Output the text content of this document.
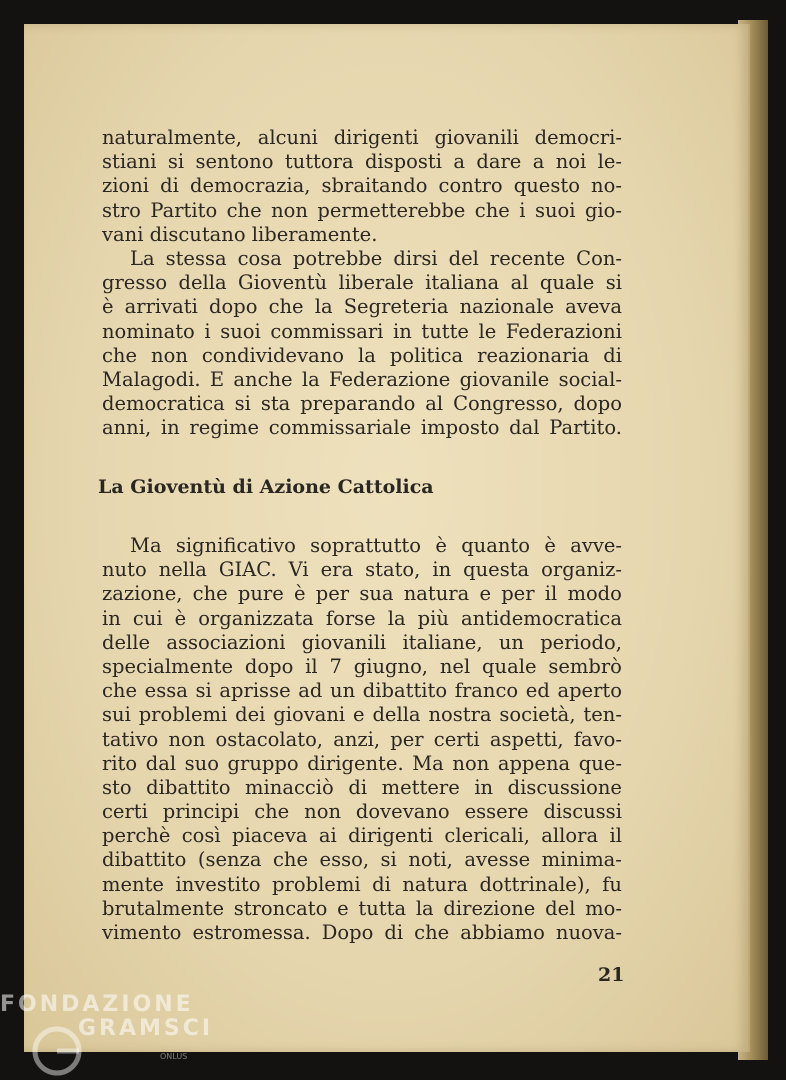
naturalmente, alcuni dirigenti giovanili democri-
stiani si sentono tuttora disposti a dare a noi le-
zioni di democrazia, sbraitando contro questo no-
stro Partito che non permetterebbe che i suoi gio-
vani discutano liberamente.
La stessa cosa potrebbe dirsi del recente Con-
gresso della Gioventù liberale italiana al quale si
è arrivati dopo che la Segreteria nazionale aveva
nominato i suoi commissari in tutte le Federazioni
che non condividevano la politica reazionaria di
Malagodi. E anche la Federazione giovanile social-
democratica si sta preparando al Congresso, dopo
anni, in regime commissariale imposto dal Partito.
La Gioventù di Azione Cattolica
Ma significativo soprattutto è quanto è avve-
nuto nella GIAC. Vi era stato, in questa organiz-
zazione, che pure è per sua natura e per il modo
in cui è organizzata forse la più antidemocratica
delle associazioni giovanili italiane, un periodo,
specialmente dopo il 7 giugno, nel quale sembrò
che essa si aprisse ad un dibattito franco ed aperto
sui problemi dei giovani e della nostra società, ten-
tativo non ostacolato, anzi, per certi aspetti, favo-
rito dal suo gruppo dirigente. Ma non appena que-
sto dibattito minacciò di mettere in discussione
certi principi che non dovevano essere discussi
perchè così piaceva ai dirigenti clericali, allora il
dibattito (senza che esso, si noti, avesse minima-
mente investito problemi di natura dottrinale), fu
brutalmente stroncato e tutta la direzione del mo-
vimento estromessa. Dopo di che abbiamo nuova-
21
FONDAZIONE
GRAMSCI
ONLUS
